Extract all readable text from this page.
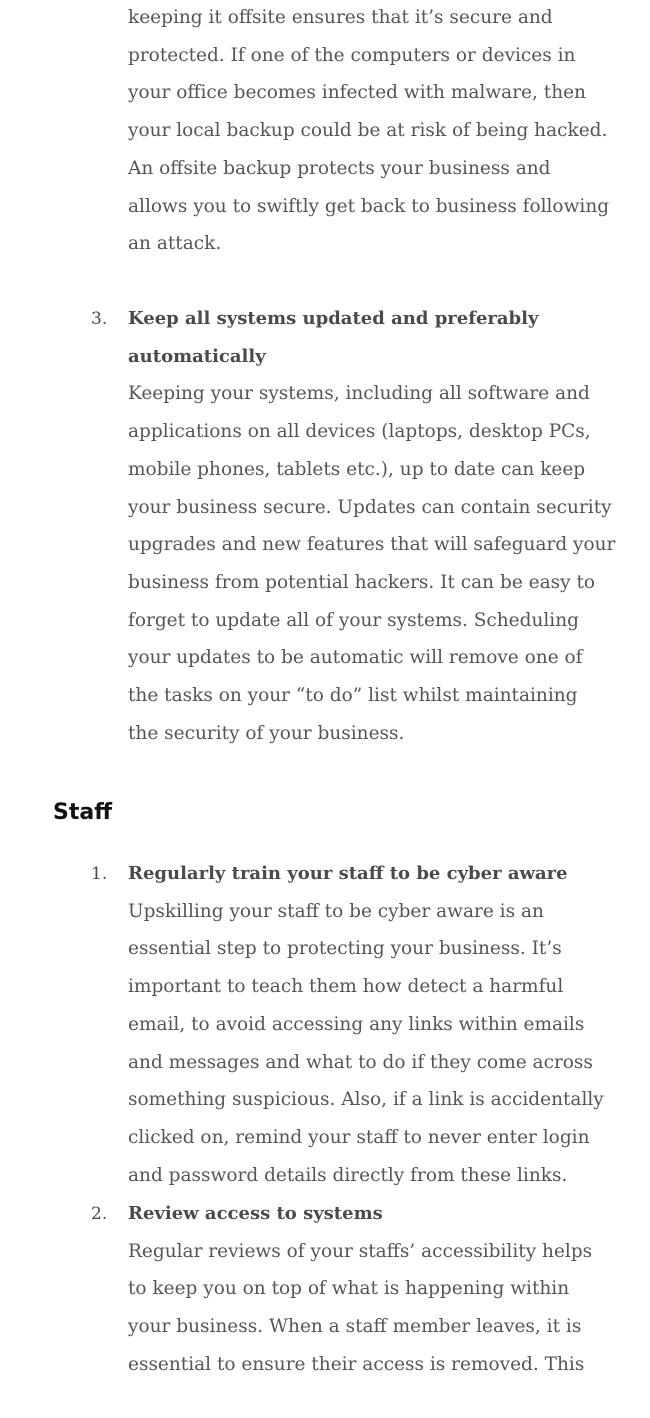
keeping it offsite ensures that it’s secure and
protected. If one of the computers or devices in
your office becomes infected with malware, then
your local backup could be at risk of being hacked.
An offsite backup protects your business and
allows you to swiftly get back to business following
an attack.
3. Keep all systems updated and preferably
automatically
Keeping your systems, including all software and
applications on all devices (laptops, desktop PCs,
mobile phones, tablets etc.), up to date can keep
your business secure. Updates can contain security
upgrades and new features that will safeguard your
business from potential hackers. It can be easy to
forget to update all of your systems. Scheduling
your updates to be automatic will remove one of
the tasks on your “to do” list whilst maintaining
the security of your business.
Staff
1. Regularly train your staff to be cyber aware
Upskilling your staff to be cyber aware is an
essential step to protecting your business. It’s
important to teach them how detect a harmful
email, to avoid accessing any links within emails
and messages and what to do if they come across
something suspicious. Also, if a link is accidentally
clicked on, remind your staff to never enter login
and password details directly from these links.
2. Review access to systems
Regular reviews of your staffs’ accessibility helps
to keep you on top of what is happening within
your business. When a staff member leaves, it is
essential to ensure their access is removed. This
